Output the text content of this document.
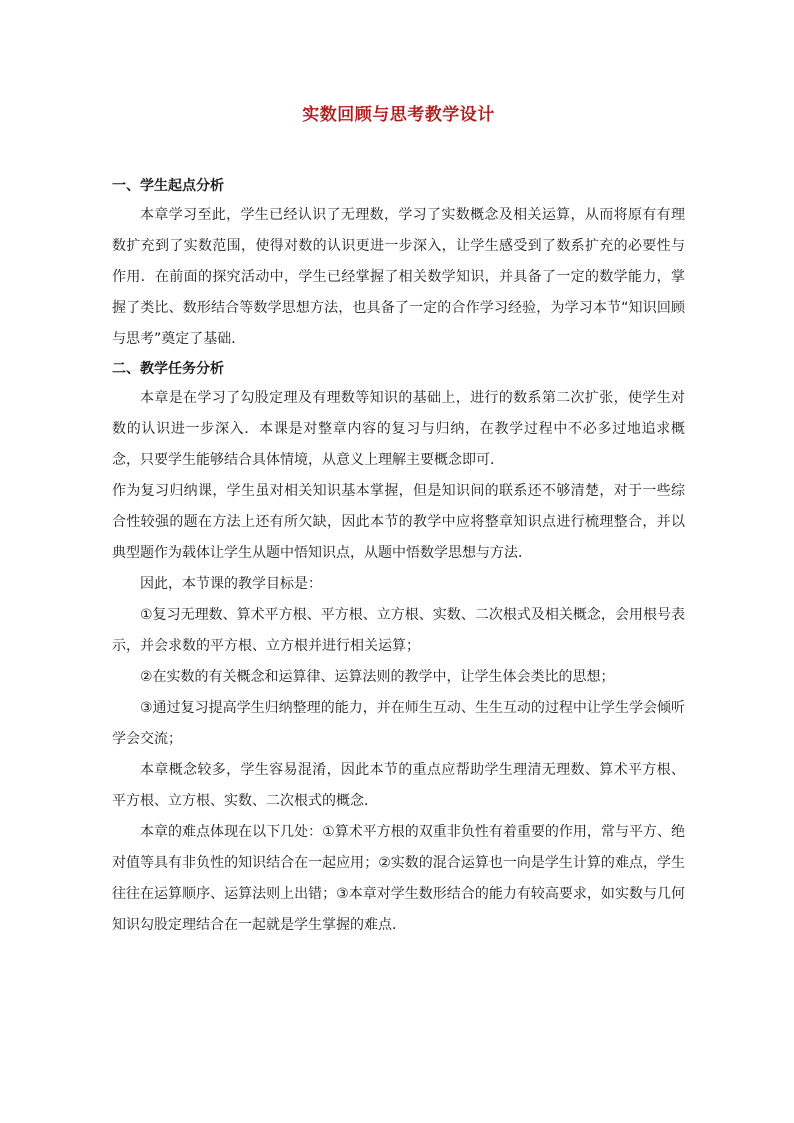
实数回顾与思考教学设计

一、学生起点分析

本章学习至此，学生已经认识了无理数，学习了实数概念及相关运算，从而将原有有理数扩充到了实数范围，使得对数的认识更进一步深入，让学生感受到了数系扩充的必要性与作用．在前面的探究活动中，学生已经掌握了相关数学知识，并具备了一定的数学能力，掌握了类比、数形结合等数学思想方法，也具备了一定的合作学习经验，为学习本节“知识回顾与思考”奠定了基础．

二、教学任务分析

本章是在学习了勾股定理及有理数等知识的基础上，进行的数系第二次扩张，使学生对数的认识进一步深入．本课是对整章内容的复习与归纳，在教学过程中不必多过地追求概念，只要学生能够结合具体情境，从意义上理解主要概念即可．

作为复习归纳课，学生虽对相关知识基本掌握，但是知识间的联系还不够清楚，对于一些综合性较强的题在方法上还有所欠缺，因此本节的教学中应将整章知识点进行梳理整合，并以典型题作为载体让学生从题中悟知识点，从题中悟数学思想与方法．

因此，本节课的教学目标是：

①复习无理数、算术平方根、平方根、立方根、实数、二次根式及相关概念，会用根号表示，并会求数的平方根、立方根并进行相关运算；

②在实数的有关概念和运算律、运算法则的教学中，让学生体会类比的思想；

③通过复习提高学生归纳整理的能力，并在师生互动、生生互动的过程中让学生学会倾听学会交流；

本章概念较多，学生容易混淆，因此本节的重点应帮助学生理清无理数、算术平方根、平方根、立方根、实数、二次根式的概念．

本章的难点体现在以下几处：①算术平方根的双重非负性有着重要的作用，常与平方、绝对值等具有非负性的知识结合在一起应用；②实数的混合运算也一向是学生计算的难点，学生往往在运算顺序、运算法则上出错；③本章对学生数形结合的能力有较高要求，如实数与几何知识勾股定理结合在一起就是学生掌握的难点．
